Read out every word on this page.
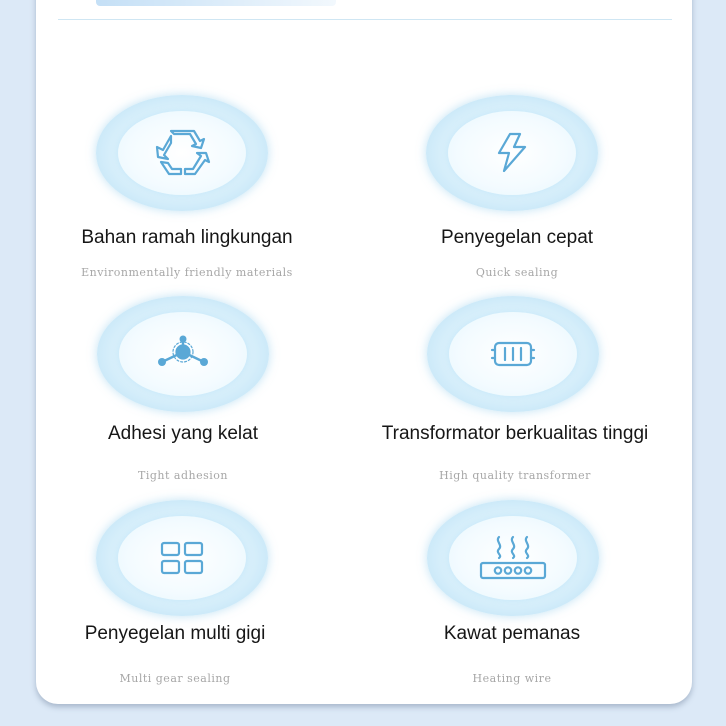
Bahan ramah lingkungan
Environmentally friendly materials
Penyegelan cepat
Quick sealing
Adhesi yang kelat
Tight adhesion
Transformator berkualitas tinggi
High quality transformer
Penyegelan multi gigi
Multi gear sealing
Kawat pemanas
Heating wire
